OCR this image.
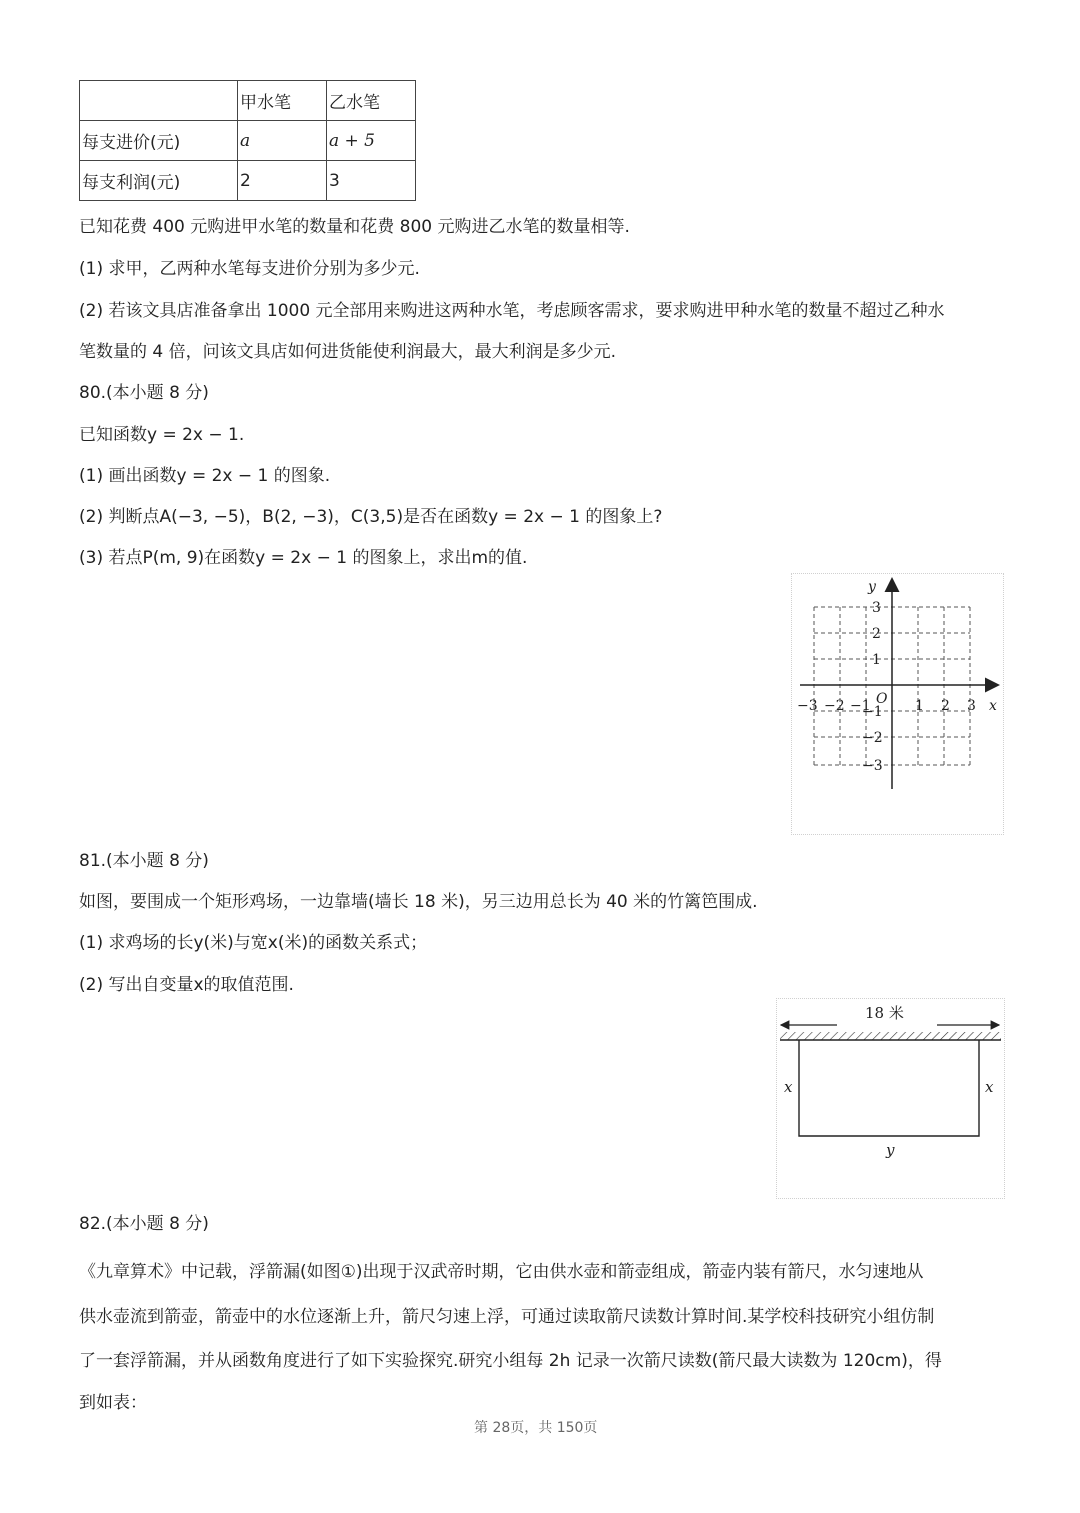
	甲水笔	乙水笔
每支进价(元)	a	a + 5
每支利润(元)	2	3
已知花费 400 元购进甲水笔的数量和花费 800 元购进乙水笔的数量相等.
(1) 求甲，乙两种水笔每支进价分别为多少元.
(2) 若该文具店准备拿出 1000 元全部用来购进这两种水笔，考虑顾客需求，要求购进甲种水笔的数量不超过乙种水
笔数量的 4 倍，问该文具店如何进货能使利润最大，最大利润是多少元.
80.(本小题 8 分)
已知函数y = 2x − 1.
(1) 画出函数y = 2x − 1 的图象.
(2) 判断点A(−3, −5)，B(2, −3)，C(3,5)是否在函数y = 2x − 1 的图象上?
(3) 若点P(m, 9)在函数y = 2x − 1 的图象上，求出m的值.
y
x
O
−3 −2 −1	1 2 3
3
2
1
−1
−2
−3
81.(本小题 8 分)
如图，要围成一个矩形鸡场，一边靠墙(墙长 18 米)，另三边用总长为 40 米的竹篱笆围成.
(1) 求鸡场的长y(米)与宽x(米)的函数关系式；
(2) 写出自变量x的取值范围.
18 米
x	x
y
82.(本小题 8 分)
《九章算术》中记载，浮箭漏(如图①)出现于汉武帝时期，它由供水壶和箭壶组成，箭壶内装有箭尺，水匀速地从
供水壶流到箭壶，箭壶中的水位逐渐上升，箭尺匀速上浮，可通过读取箭尺读数计算时间.某学校科技研究小组仿制
了一套浮箭漏，并从函数角度进行了如下实验探究.研究小组每 2h 记录一次箭尺读数(箭尺最大读数为 120cm)，得
到如表：
第 28页，共 150页
